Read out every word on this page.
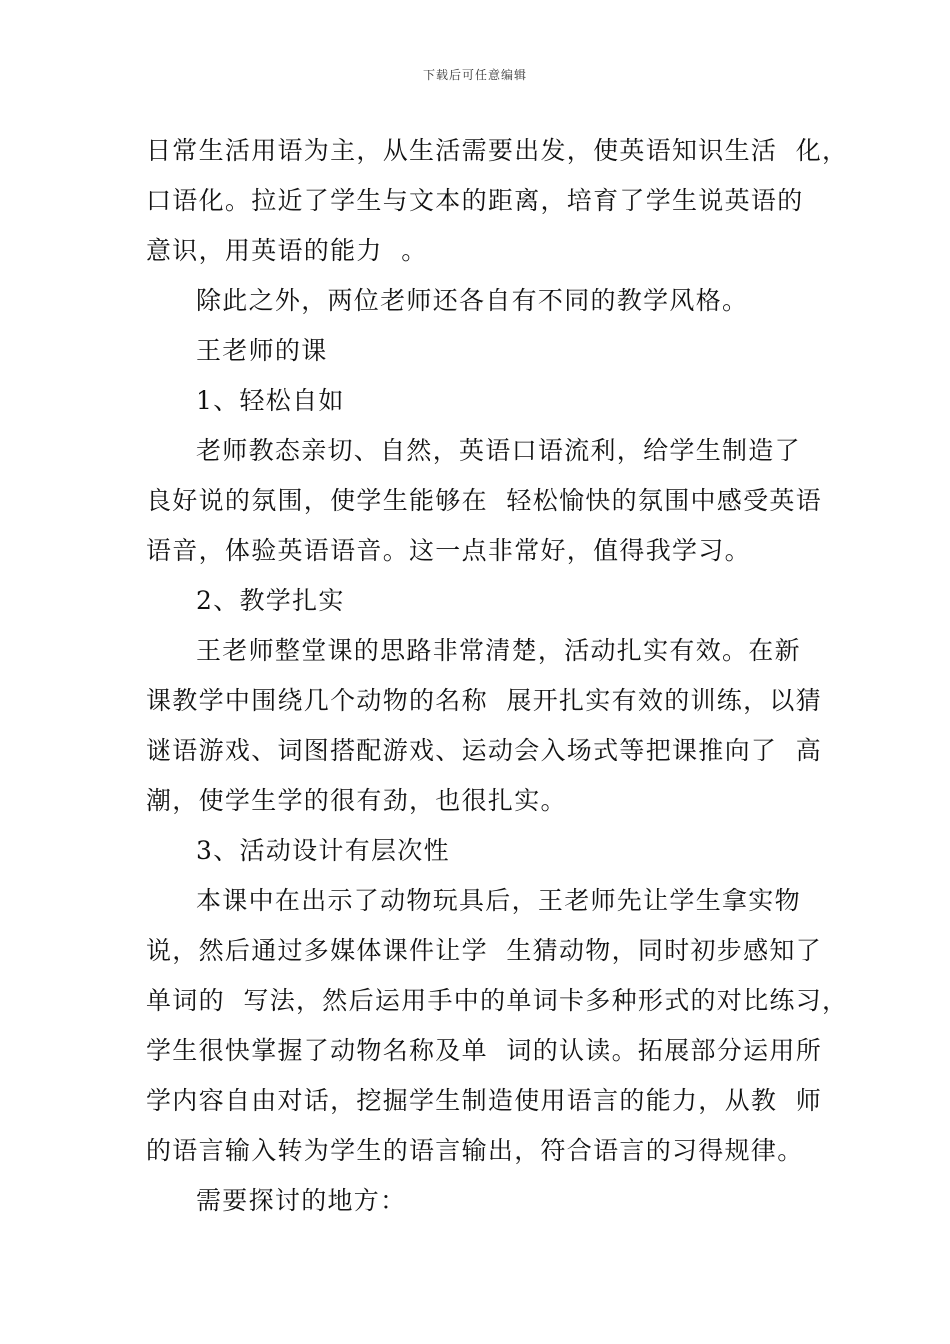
下载后可任意编辑
日常生活用语为主，从生活需要出发，使英语知识生活  化，
口语化。拉近了学生与文本的距离，培育了学生说英语的
意识，用英语的能力  。
除此之外，两位老师还各自有不同的教学风格。
王老师的课
1、轻松自如
老师教态亲切、自然，英语口语流利，给学生制造了
良好说的氛围，使学生能够在  轻松愉快的氛围中感受英语
语音，体验英语语音。这一点非常好，值得我学习。
2、教学扎实
王老师整堂课的思路非常清楚，活动扎实有效。在新
课教学中围绕几个动物的名称  展开扎实有效的训练，以猜
谜语游戏、词图搭配游戏、运动会入场式等把课推向了  高
潮，使学生学的很有劲，也很扎实。
3、活动设计有层次性
本课中在出示了动物玩具后，王老师先让学生拿实物
说，然后通过多媒体课件让学  生猜动物，同时初步感知了
单词的  写法，然后运用手中的单词卡多种形式的对比练习，
学生很快掌握了动物名称及单  词的认读。拓展部分运用所
学内容自由对话，挖掘学生制造使用语言的能力，从教  师
的语言输入转为学生的语言输出，符合语言的习得规律。
需要探讨的地方：
